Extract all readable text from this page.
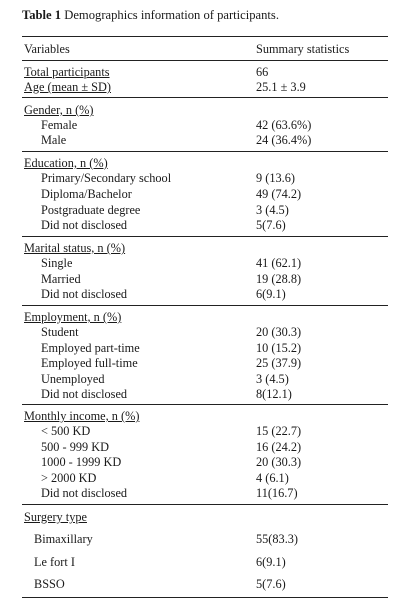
Table 1 Demographics information of participants.
Variables	Summary statistics
Total participants	66
Age (mean ± SD)	25.1 ± 3.9
Gender, n (%)
Female	42 (63.6%)
Male	24 (36.4%)
Education, n (%)
Primary/Secondary school	9 (13.6)
Diploma/Bachelor	49 (74.2)
Postgraduate degree	3 (4.5)
Did not disclosed	5(7.6)
Marital status, n (%)
Single	41 (62.1)
Married	19 (28.8)
Did not disclosed	6(9.1)
Employment, n (%)
Student	20 (30.3)
Employed part-time	10 (15.2)
Employed full-time	25 (37.9)
Unemployed	3 (4.5)
Did not disclosed	8(12.1)
Monthly income, n (%)
< 500 KD	15 (22.7)
500 - 999 KD	16 (24.2)
1000 - 1999 KD	20 (30.3)
> 2000 KD	4 (6.1)
Did not disclosed	11(16.7)
Surgery type
Bimaxillary	55(83.3)
Le fort I	6(9.1)
BSSO	5(7.6)
